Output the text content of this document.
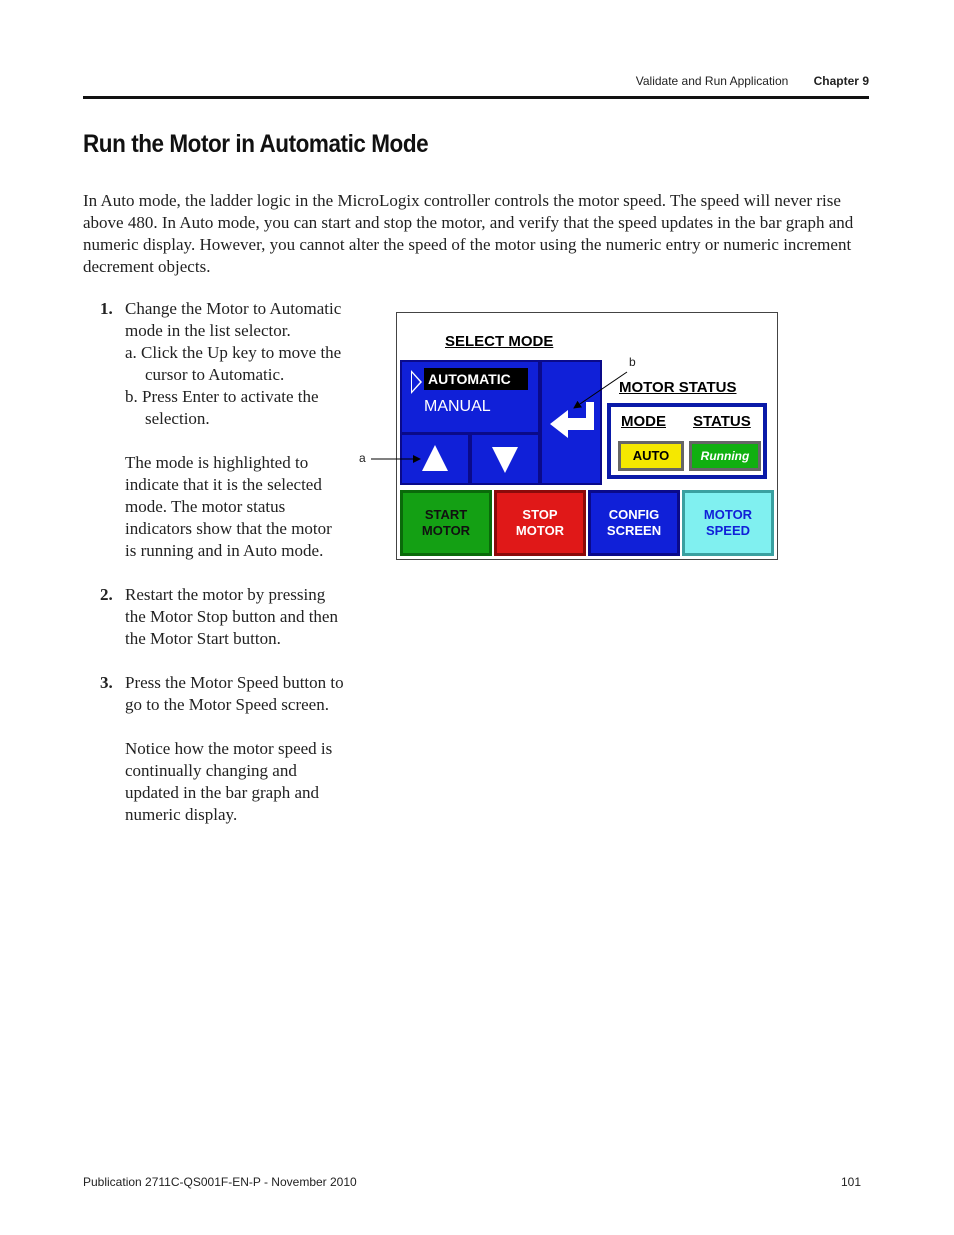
Validate and Run Application Chapter 9
Run the Motor in Automatic Mode

In Auto mode, the ladder logic in the MicroLogix controller controls the motor speed. The speed will never rise above 480. In Auto mode, you can start and stop the motor, and verify that the speed updates in the bar graph and numeric display. However, you cannot alter the speed of the motor using the numeric entry or numeric increment decrement objects.

1. Change the Motor to Automatic mode in the list selector.

a. Click the Up key to move the cursor to Automatic.

b. Press Enter to activate the selection.

The mode is highlighted to indicate that it is the selected mode. The motor status indicators show that the motor is running and in Auto mode.

2. Restart the motor by pressing the Motor Stop button and then the Motor Start button.

3. Press the Motor Speed button to go to the Motor Speed screen.

Notice how the motor speed is continually changing and updated in the bar graph and numeric display.

SELECT MODE
AUTOMATIC
MANUAL
MOTOR STATUS
MODE STATUS
AUTO	Running
START
MOTOR
STOP
MOTOR
CONFIG
SCREEN
MOTOR
SPEED
a
b
Publication 2711C-QS001F-EN-P - November 2010	101
